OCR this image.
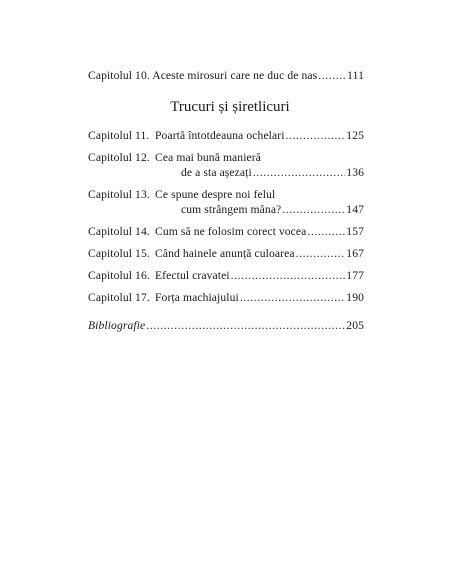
Capitolul 10. Aceste mirosuri care ne duc de nas .....	111
Capitolul 11. Poartă întotdeauna ochelari .....	125
Capitolul 12. Cea mai bună manieră
de a sta așezați .....	136
Capitolul 13. Ce spune despre noi felul
cum strângem mâna? .....	147
Capitolul 14. Cum să ne folosim corect vocea .....	157
Capitolul 15. Când hainele anunță culoarea .....	167
Capitolul 16. Efectul cravatei .....	177
Capitolul 17. Forța machiajului .....	190
Bibliografie .....	205
Trucuri și șiretlicuri
